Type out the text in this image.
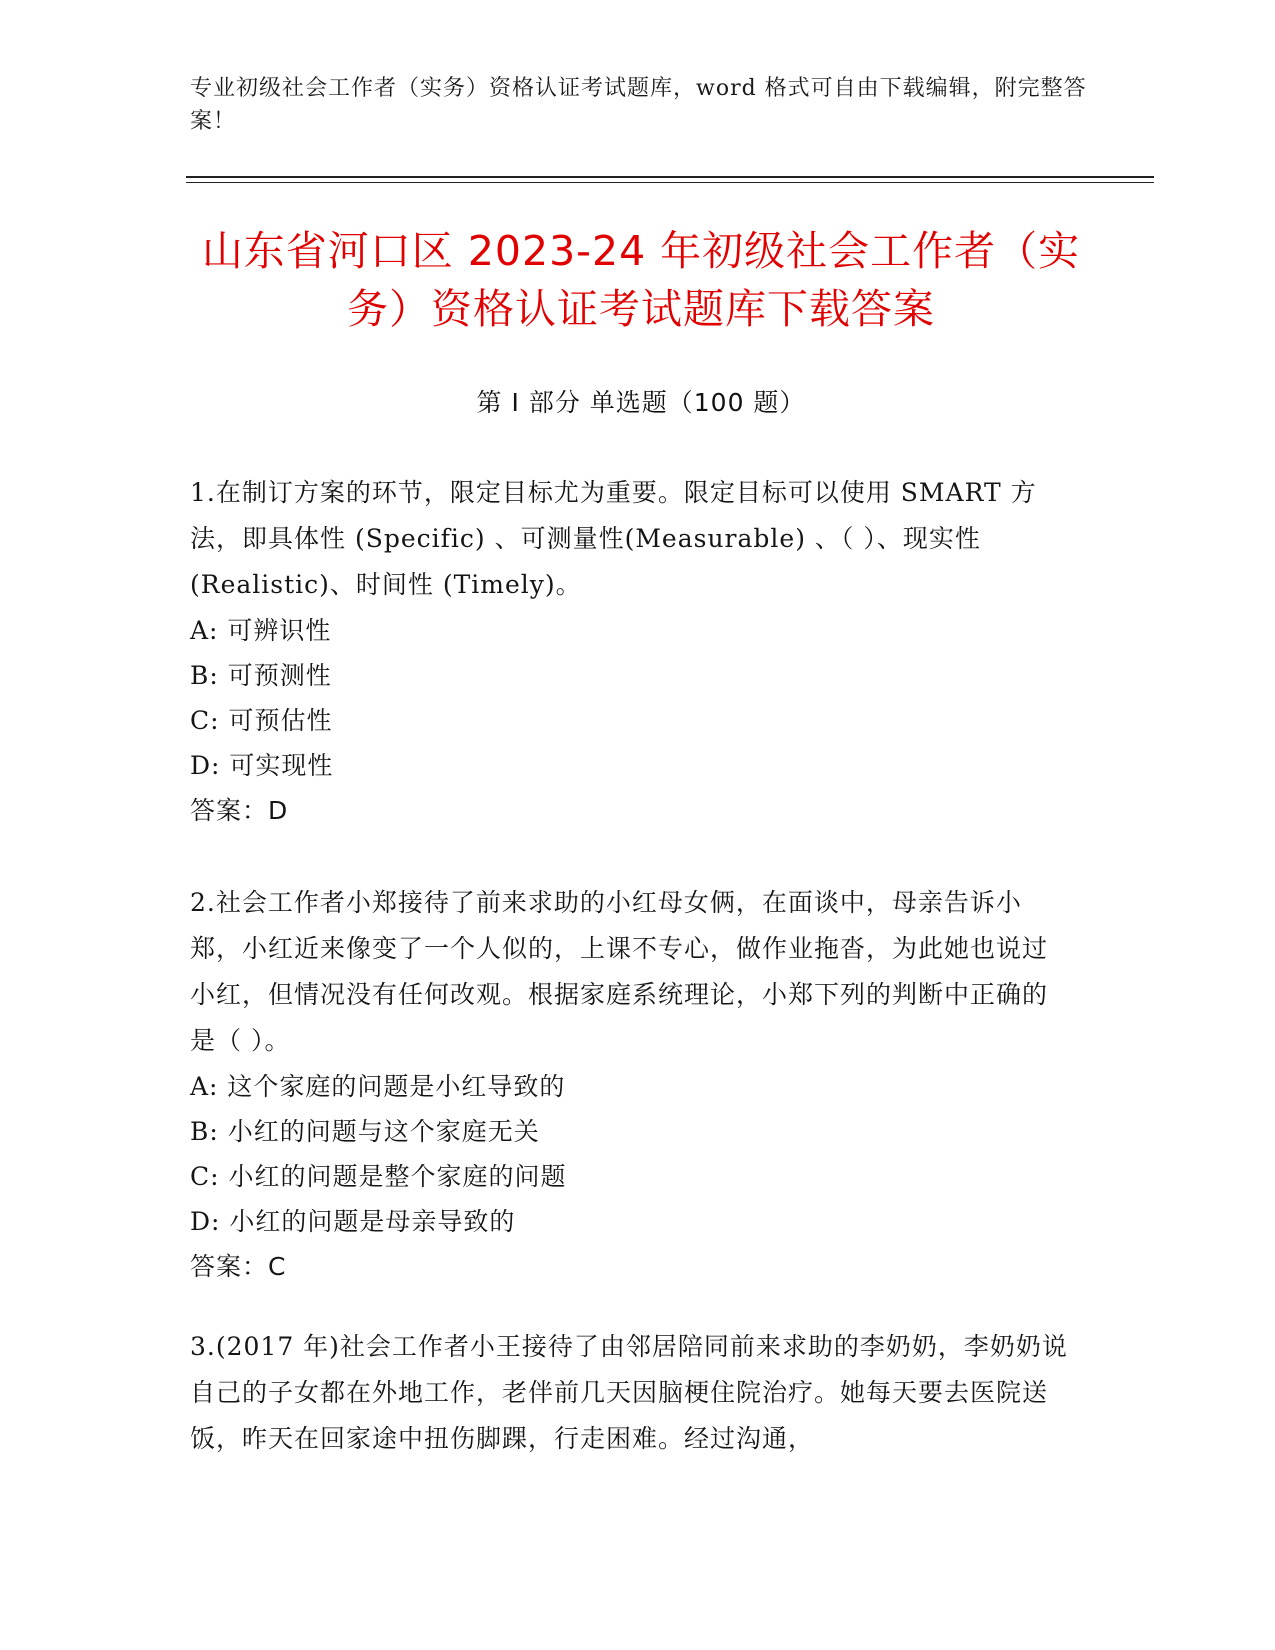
专业初级社会工作者（实务）资格认证考试题库，word 格式可自由下载编辑，附完整答案！
山东省河口区 2023-24 年初级社会工作者（实务）资格认证考试题库下载答案
第 I 部分 单选题（100 题）
1.在制订方案的环节，限定目标尤为重要。限定目标可以使用 SMART 方法，即具体性 (Specific) 、可测量性(Measurable) 、（ ）、现实性(Realistic)、时间性 (Timely)。
A: 可辨识性
B: 可预测性
C: 可预估性
D: 可实现性
答案：D
2.社会工作者小郑接待了前来求助的小红母女俩，在面谈中，母亲告诉小郑，小红近来像变了一个人似的，上课不专心，做作业拖沓，为此她也说过小红，但情况没有任何改观。根据家庭系统理论，小郑下列的判断中正确的是（ ）。
A: 这个家庭的问题是小红导致的
B: 小红的问题与这个家庭无关
C: 小红的问题是整个家庭的问题
D: 小红的问题是母亲导致的
答案：C
3.(2017 年)社会工作者小王接待了由邻居陪同前来求助的李奶奶，李奶奶说自己的子女都在外地工作，老伴前几天因脑梗住院治疗。她每天要去医院送饭，昨天在回家途中扭伤脚踝，行走困难。经过沟通，
